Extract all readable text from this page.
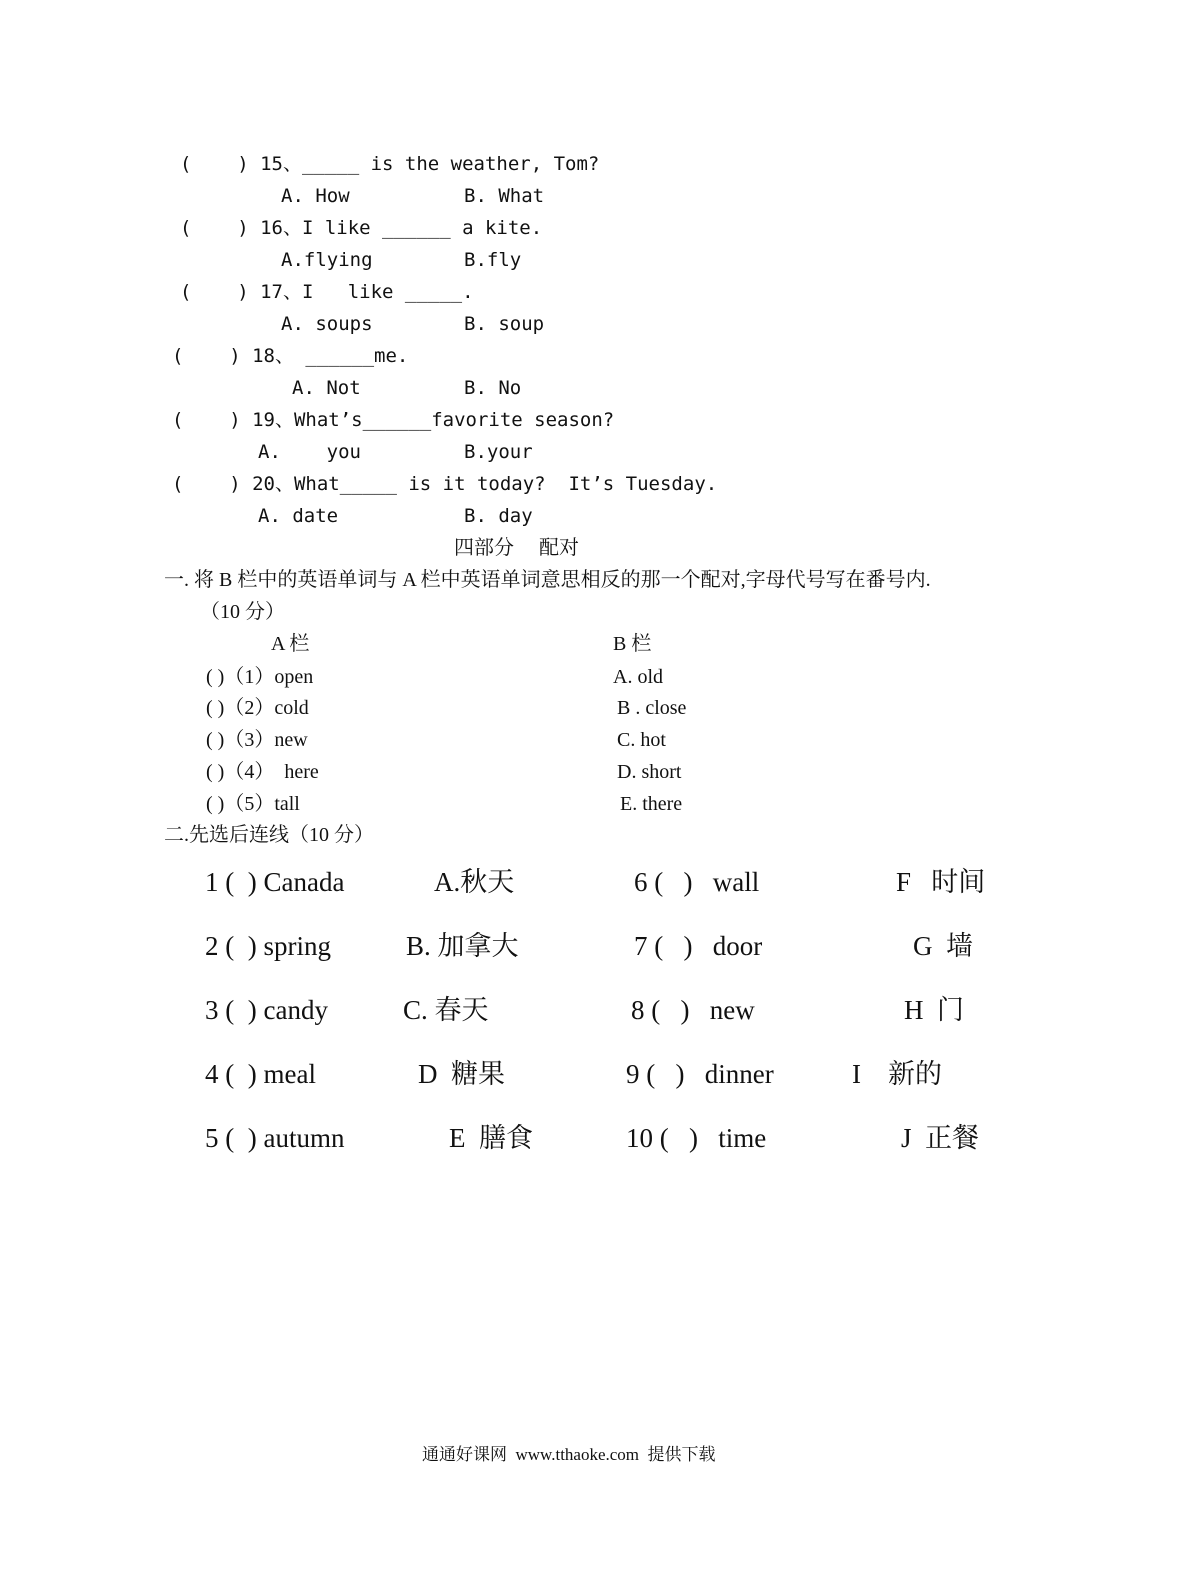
(    ) 15、_____ is the weather, Tom?
A. How	B. What
(    ) 16、I like ______ a kite.
A.flying	B.fly
(    ) 17、I   like _____.
A. soups	B. soup
(    ) 18、 ______me.
A. Not	B. No
(    ) 19、What’s______favorite season?
A.    you	B.your
(    ) 20、What_____ is it today?  It’s Tuesday.
A. date	B. day
四部分     配对
一. 将 B 栏中的英语单词与 A 栏中英语单词意思相反的那一个配对,字母代号写在番号内.
（10 分）
A 栏	B 栏
( )（1）open	A. old
( )（2）cold	B . close
( )（3）new	C. hot
( )（4）  here	D. short
( )（5）tall	E. there
二.先选后连线（10 分）
1 (  ) Canada	A.秋天	6 (   )   wall	F   时间
2 (  ) spring	B. 加拿大	7 (   )   door	G  墙
3 (  ) candy	C. 春天	8 (   )   new	H  门
4 (  ) meal	D  糖果	9 (   )   dinner	I    新的
5 (  ) autumn	E  膳食	10 (   )   time	J  正餐
通通好课网  www.tthaoke.com  提供下载
